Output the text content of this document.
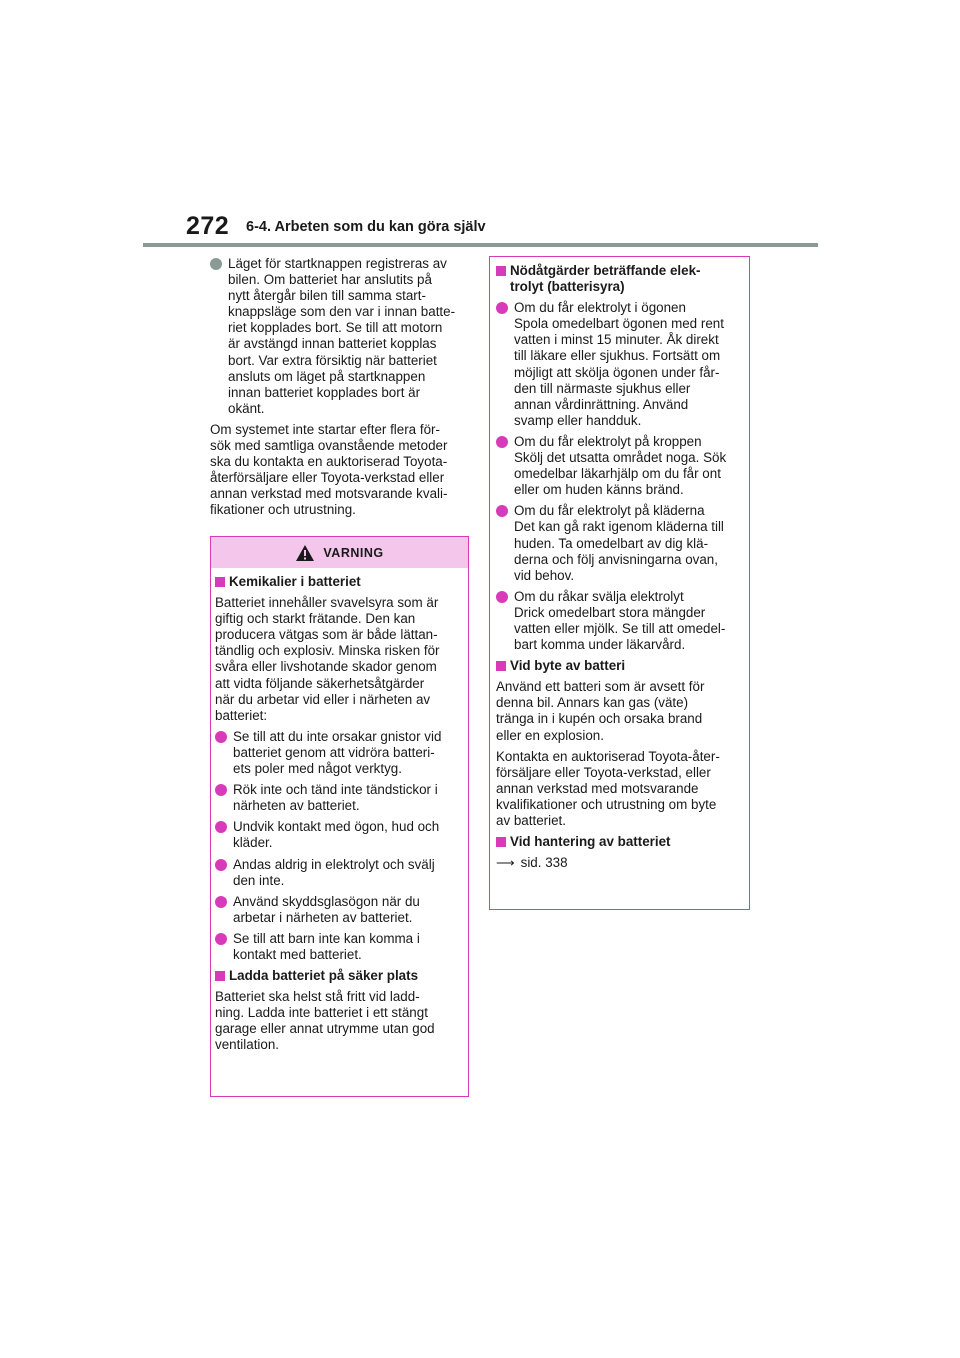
272 6-4. Arbeten som du kan göra själv

Läget för startknappen registreras av
bilen. Om batteriet har anslutits på
nytt återgår bilen till samma start-
knappsläge som den var i innan batte-
riet kopplades bort. Se till att motorn
är avstängd innan batteriet kopplas
bort. Var extra försiktig när batteriet
ansluts om läget på startknappen
innan batteriet kopplades bort är
okänt.

Om systemet inte startar efter flera för-
sök med samtliga ovanstående metoder
ska du kontakta en auktoriserad Toyota-
återförsäljare eller Toyota-verkstad eller
annan verkstad med motsvarande kvali-
fikationer och utrustning.

VARNING
Kemikalier i batteriet

Batteriet innehåller svavelsyra som är
giftig och starkt frätande. Den kan
producera vätgas som är både lättan-
tändlig och explosiv. Minska risken för
svåra eller livshotande skador genom
att vidta följande säkerhetsåtgärder
när du arbetar vid eller i närheten av
batteriet:

Se till att du inte orsakar gnistor vid
batteriet genom att vidröra batteri-
ets poler med något verktyg.

Rök inte och tänd inte tändstickor i
närheten av batteriet.

Undvik kontakt med ögon, hud och
kläder.

Andas aldrig in elektrolyt och svälj
den inte.

Använd skyddsglasögon när du
arbetar i närheten av batteriet.

Se till att barn inte kan komma i
kontakt med batteriet.

Ladda batteriet på säker plats

Batteriet ska helst stå fritt vid ladd-
ning. Ladda inte batteriet i ett stängt
garage eller annat utrymme utan god
ventilation.

Nödåtgärder beträffande elek-
trolyt (batterisyra)

Om du får elektrolyt i ögonen
Spola omedelbart ögonen med rent
vatten i minst 15 minuter. Åk direkt
till läkare eller sjukhus. Fortsätt om
möjligt att skölja ögonen under får-
den till närmaste sjukhus eller
annan vårdinrättning. Använd
svamp eller handduk.

Om du får elektrolyt på kroppen
Skölj det utsatta området noga. Sök
omedelbar läkarhjälp om du får ont
eller om huden känns bränd.

Om du får elektrolyt på kläderna
Det kan gå rakt igenom kläderna till
huden. Ta omedelbart av dig klä-
derna och följ anvisningarna ovan,
vid behov.

Om du råkar svälja elektrolyt
Drick omedelbart stora mängder
vatten eller mjölk. Se till att omedel-
bart komma under läkarvård.

Vid byte av batteri

Använd ett batteri som är avsett för
denna bil. Annars kan gas (väte)
tränga in i kupén och orsaka brand
eller en explosion.

Kontakta en auktoriserad Toyota-åter-
försäljare eller Toyota-verkstad, eller
annan verkstad med motsvarande
kvalifikationer och utrustning om byte
av batteriet.

Vid hantering av batteriet

⟶ sid. 338
